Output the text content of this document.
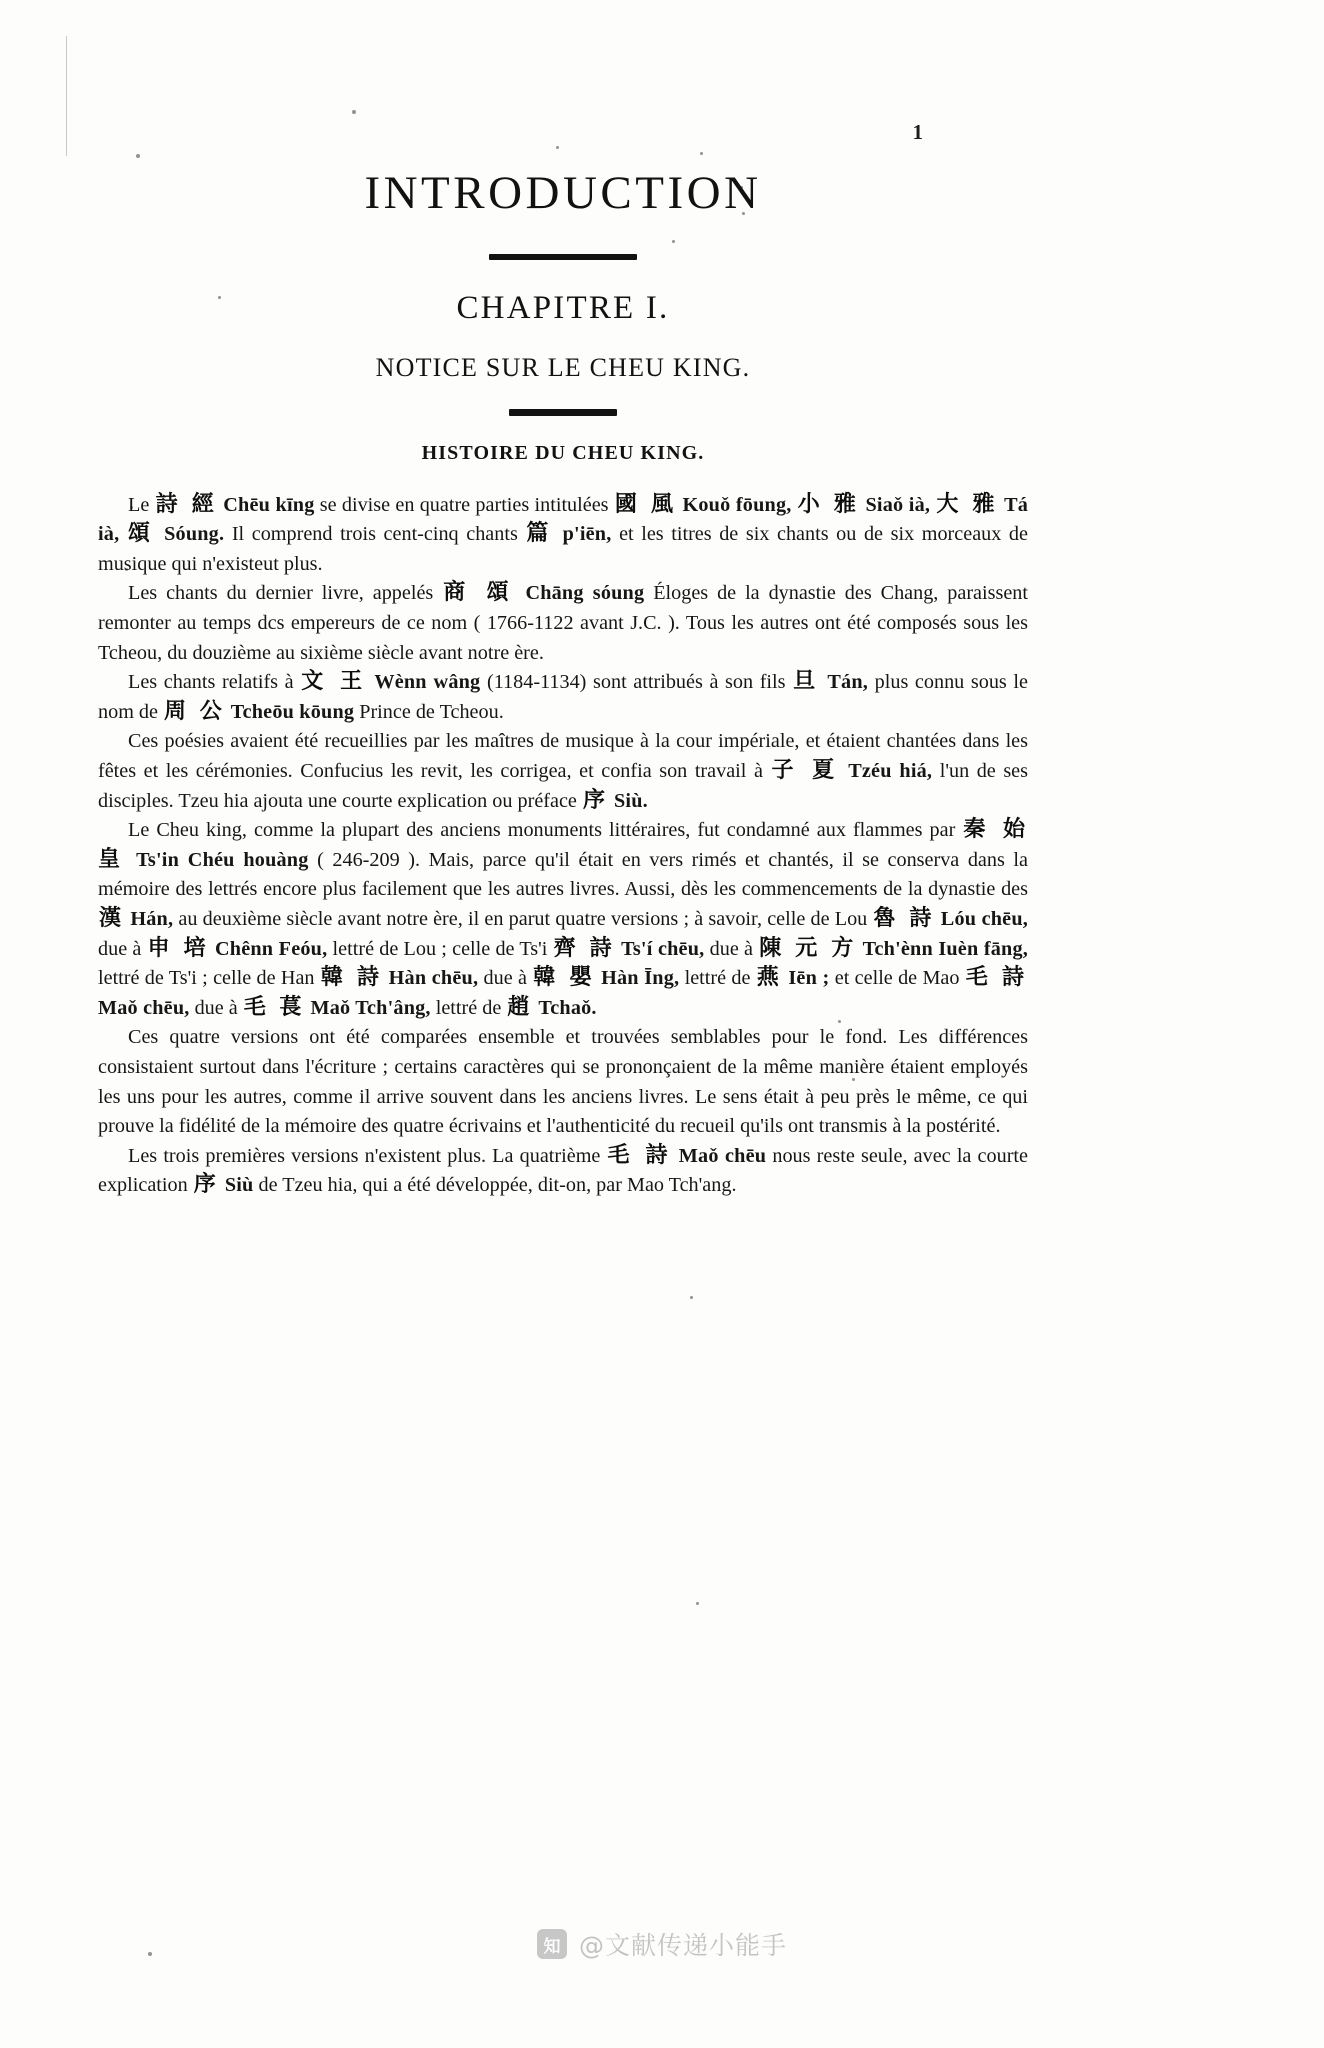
1
INTRODUCTION
CHAPITRE I.
NOTICE SUR LE CHEU KING.
HISTOIRE DU CHEU KING.

Le 詩 經 Chēu kīng se divise en quatre parties intitulées 國 風 Kouǒ fōung, 小 雅 Siaǒ ià, 大 雅 Tá ià, 頌 Sóung. Il comprend trois cent-cinq chants 篇 p'iēn, et les titres de six chants ou de six morceaux de musique qui n'existeut plus.

Les chants du dernier livre, appelés 商 頌 Chāng sóung Éloges de la dynastie des Chang, paraissent remonter au temps dcs empereurs de ce nom ( 1766-1122 avant J.C. ). Tous les autres ont été composés sous les Tcheou, du douzième au sixième siècle avant notre ère.

Les chants relatifs à 文 王 Wènn wâng (1184-1134) sont attribués à son fils 旦 Tán, plus connu sous le nom de 周 公 Tcheōu kōung Prince de Tcheou.

Ces poésies avaient été recueillies par les maîtres de musique à la cour impériale, et étaient chantées dans les fêtes et les cérémonies. Confucius les revit, les corrigea, et confia son travail à 子 夏 Tzéu hiá, l'un de ses disciples. Tzeu hia ajouta une courte explication ou préface 序 Siù.

Le Cheu king, comme la plupart des anciens monuments littéraires, fut condamné aux flammes par 秦 始 皇 Ts'in Chéu houàng ( 246-209 ). Mais, parce qu'il était en vers rimés et chantés, il se conserva dans la mémoire des lettrés encore plus facilement que les autres livres. Aussi, dès les commencements de la dynastie des 漢 Hán, au deuxième siècle avant notre ère, il en parut quatre versions ; à savoir, celle de Lou 魯 詩 Lóu chēu, due à 申 培 Chênn Feóu, lettré de Lou ; celle de Ts'i 齊 詩 Ts'í chēu, due à 陳 元 方 Tch'ènn Iuèn fāng, lettré de Ts'i ; celle de Han 韓 詩 Hàn chēu, due à 韓 嬰 Hàn Īng, lettré de 燕 Iēn ; et celle de Mao 毛 詩 Maǒ chēu, due à 毛 萇 Maǒ Tch'âng, lettré de 趙 Tchaǒ.

Ces quatre versions ont été comparées ensemble et trouvées semblables pour le fond. Les différences consistaient surtout dans l'écriture ; certains caractères qui se prononçaient de la même manière étaient employés les uns pour les autres, comme il arrive souvent dans les anciens livres. Le sens était à peu près le même, ce qui prouve la fidélité de la mémoire des quatre écrivains et l'authenticité du recueil qu'ils ont transmis à la postérité.

Les trois premières versions n'existent plus. La quatrième 毛 詩 Maǒ chēu nous reste seule, avec la courte explication 序 Siù de Tzeu hia, qui a été développée, dit-on, par Mao Tch'ang.

知 @文献传递小能手
